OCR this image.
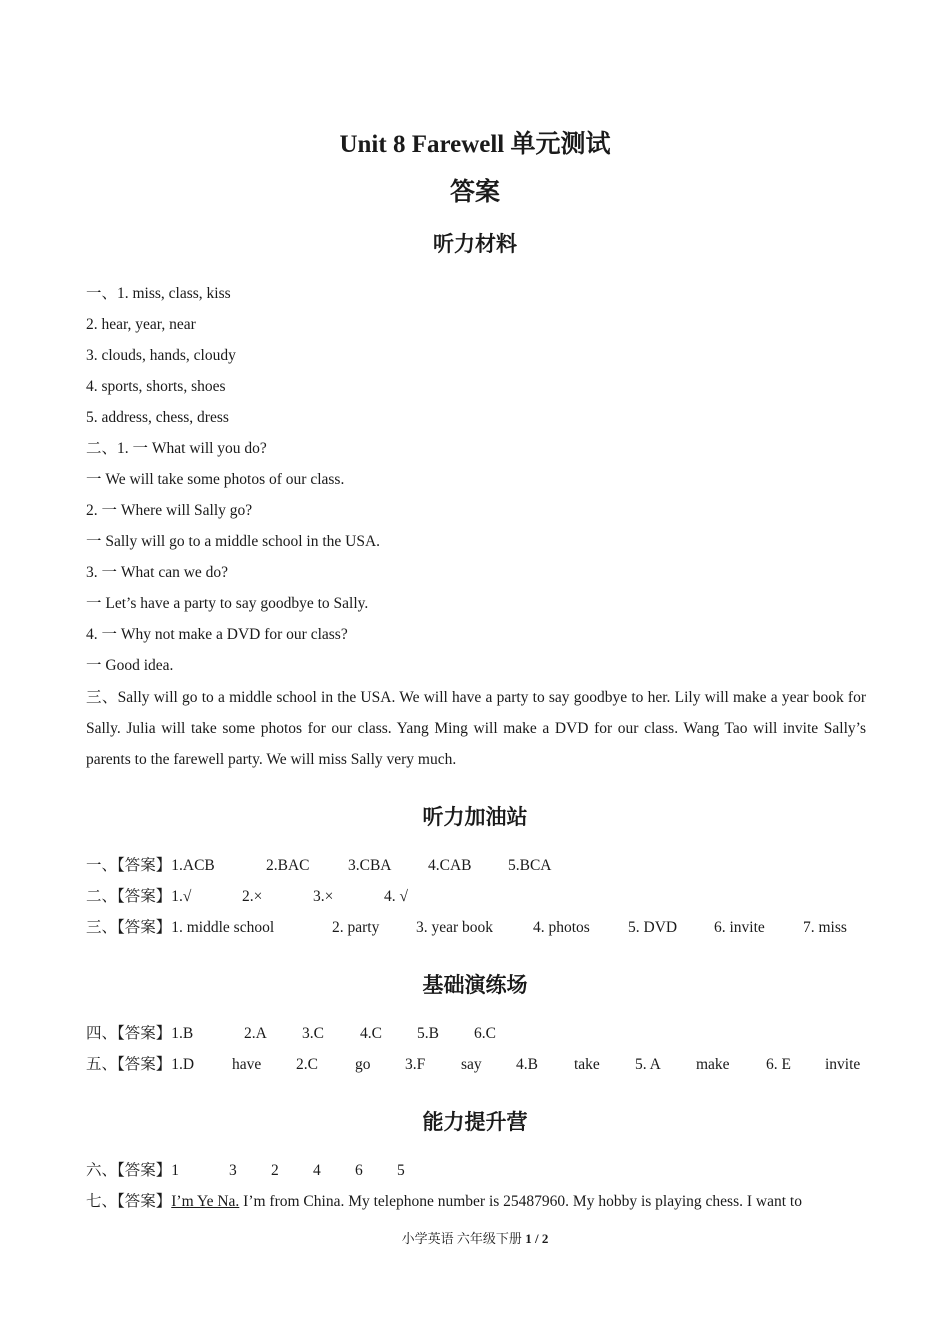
Unit 8 Farewell 单元测试
答案
听力材料
一、1. miss, class, kiss
2. hear, year, near
3. clouds, hands, cloudy
4. sports, shorts, shoes
5. address, chess, dress
二、1. 一 What will you do?
一 We will take some photos of our class.
2. 一 Where will Sally go?
一 Sally will go to a middle school in the USA.
3. 一 What can we do?
一 Let’s have a party to say goodbye to Sally.
4. 一 Why not make a DVD for our class?
一 Good idea.
三、Sally will go to a middle school in the USA. We will have a party to say goodbye to her. Lily will make a year book for Sally. Julia will take some photos for our class. Yang Ming will make a DVD for our class. Wang Tao will invite Sally’s parents to the farewell party. We will miss Sally very much.
听力加油站
一、【答案】1.ACB	2.BAC 3.CBA 4.CAB 5.BCA
二、【答案】1.√	2.×	3.×	4. √
三、【答案】1. middle school	2. party 3. year book	4. photos 5. DVD 6. invite 7. miss
基础演练场
四、【答案】1.B	2.A 3.C 4.C 5.B 6.C
五、【答案】1.D have 2.C go 3.F say 4.B take 5. A make 6. E invite
能力提升营
六、【答案】1	3 2 4 6 5
七、【答案】I’m Ye Na. I’m from China. My telephone number is 25487960. My hobby is playing chess. I want to
小学英语 六年级下册 1 / 2
